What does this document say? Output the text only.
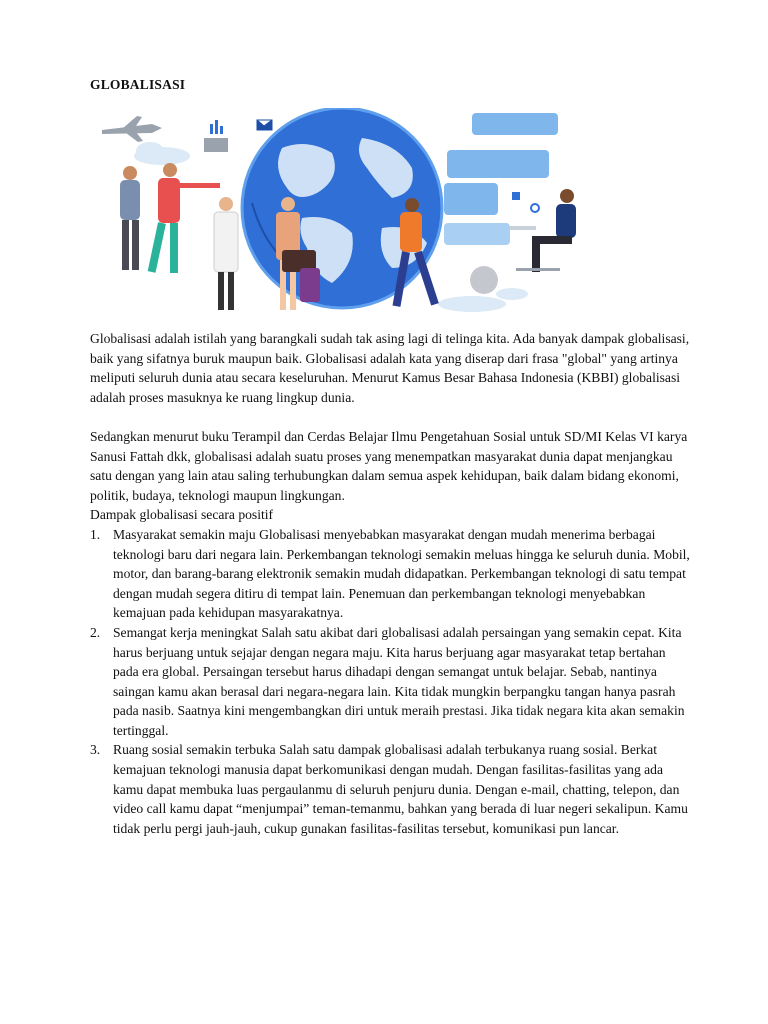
GLOBALISASI

Globalisasi adalah istilah yang barangkali sudah tak asing lagi di telinga kita. Ada banyak dampak globalisasi, baik yang sifatnya buruk maupun baik. Globalisasi adalah kata yang diserap dari frasa "global" yang artinya meliputi seluruh dunia atau secara keseluruhan. Menurut Kamus Besar Bahasa Indonesia (KBBI) globalisasi adalah proses masuknya ke ruang lingkup dunia.

Sedangkan menurut buku Terampil dan Cerdas Belajar Ilmu Pengetahuan Sosial untuk SD/MI Kelas VI karya Sanusi Fattah dkk, globalisasi adalah suatu proses yang menempatkan masyarakat dunia dapat menjangkau satu dengan yang lain atau saling terhubungkan dalam semua aspek kehidupan, baik dalam bidang ekonomi, politik, budaya, teknologi maupun lingkungan.

Dampak globalisasi secara positif

1. Masyarakat semakin maju Globalisasi menyebabkan masyarakat dengan mudah menerima berbagai teknologi baru dari negara lain. Perkembangan teknologi semakin meluas hingga ke seluruh dunia. Mobil, motor, dan barang-barang elektronik semakin mudah didapatkan. Perkembangan teknologi di satu tempat dengan mudah segera ditiru di tempat lain. Penemuan dan perkembangan teknologi menyebabkan kemajuan pada kehidupan masyarakatnya.
2. Semangat kerja meningkat Salah satu akibat dari globalisasi adalah persaingan yang semakin cepat. Kita harus berjuang untuk sejajar dengan negara maju. Kita harus berjuang agar masyarakat tetap bertahan pada era global. Persaingan tersebut harus dihadapi dengan semangat untuk belajar. Sebab, nantinya saingan kamu akan berasal dari negara-negara lain. Kita tidak mungkin berpangku tangan hanya pasrah pada nasib. Saatnya kini mengembangkan diri untuk meraih prestasi. Jika tidak negara kita akan semakin tertinggal.
3. Ruang sosial semakin terbuka Salah satu dampak globalisasi adalah terbukanya ruang sosial. Berkat kemajuan teknologi manusia dapat berkomunikasi dengan mudah. Dengan fasilitas-fasilitas yang ada kamu dapat membuka luas pergaulanmu di seluruh penjuru dunia. Dengan e-mail, chatting, telepon, dan video call kamu dapat “menjumpai” teman-temanmu, bahkan yang berada di luar negeri sekalipun. Kamu tidak perlu pergi jauh-jauh, cukup gunakan fasilitas-fasilitas tersebut, komunikasi pun lancar.
